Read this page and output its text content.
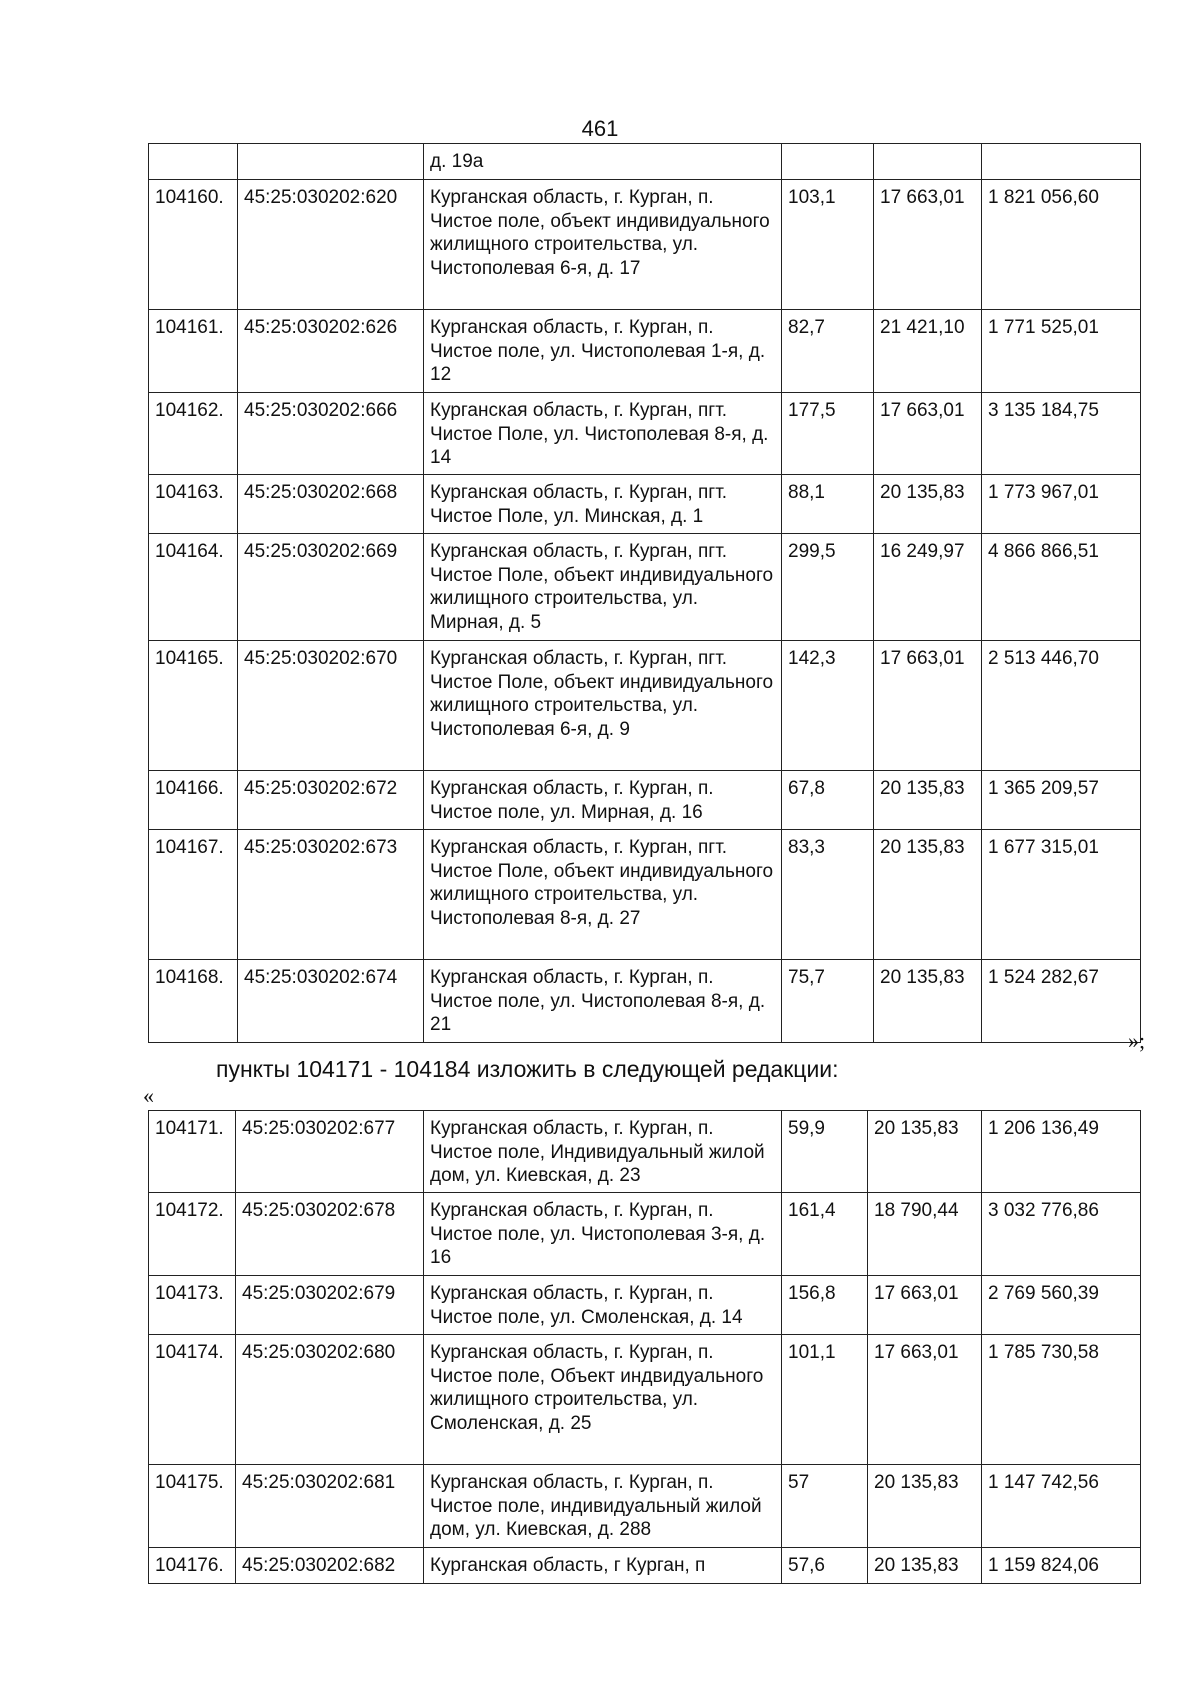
461
		д. 19а			
104160.	45:25:030202:620	Курганская область, г. Курган, п. Чистое поле, объект индивидуального жилищного строительства, ул. Чистополевая 6-я, д. 17	103,1	17 663,01	1 821 056,60
104161.	45:25:030202:626	Курганская область, г. Курган, п. Чистое поле, ул. Чистополевая 1-я, д. 12	82,7	21 421,10	1 771 525,01
104162.	45:25:030202:666	Курганская область, г. Курган, пгт. Чистое Поле, ул. Чистополевая 8-я, д. 14	177,5	17 663,01	3 135 184,75
104163.	45:25:030202:668	Курганская область, г. Курган, пгт. Чистое Поле, ул. Минская, д. 1	88,1	20 135,83	1 773 967,01
104164.	45:25:030202:669	Курганская область, г. Курган, пгт. Чистое Поле, объект индивидуального жилищного строительства, ул. Мирная, д. 5	299,5	16 249,97	4 866 866,51
104165.	45:25:030202:670	Курганская область, г. Курган, пгт. Чистое Поле, объект индивидуального жилищного строительства, ул. Чистополевая 6-я, д. 9	142,3	17 663,01	2 513 446,70
104166.	45:25:030202:672	Курганская область, г. Курган, п. Чистое поле, ул. Мирная, д. 16	67,8	20 135,83	1 365 209,57
104167.	45:25:030202:673	Курганская область, г. Курган, пгт. Чистое Поле, объект индивидуального жилищного строительства, ул. Чистополевая 8-я, д. 27	83,3	20 135,83	1 677 315,01
104168.	45:25:030202:674	Курганская область, г. Курган, п. Чистое поле, ул. Чистополевая 8-я, д. 21	75,7	20 135,83	1 524 282,67
»;
пункты 104171 - 104184 изложить в следующей редакции:
«
104171.	45:25:030202:677	Курганская область, г. Курган, п. Чистое поле, Индивидуальный жилой дом, ул. Киевская, д. 23	59,9	20 135,83	1 206 136,49
104172.	45:25:030202:678	Курганская область, г. Курган, п. Чистое поле, ул. Чистополевая 3-я, д. 16	161,4	18 790,44	3 032 776,86
104173.	45:25:030202:679	Курганская область, г. Курган, п. Чистое поле, ул. Смоленская, д. 14	156,8	17 663,01	2 769 560,39
104174.	45:25:030202:680	Курганская область, г. Курган, п. Чистое поле, Объект индвидуального жилищного строительства, ул. Смоленская, д. 25	101,1	17 663,01	1 785 730,58
104175.	45:25:030202:681	Курганская область, г. Курган, п. Чистое поле, индивидуальный жилой дом, ул. Киевская, д. 288	57	20 135,83	1 147 742,56
104176.	45:25:030202:682	Курганская область, г Курган, п	57,6	20 135,83	1 159 824,06
